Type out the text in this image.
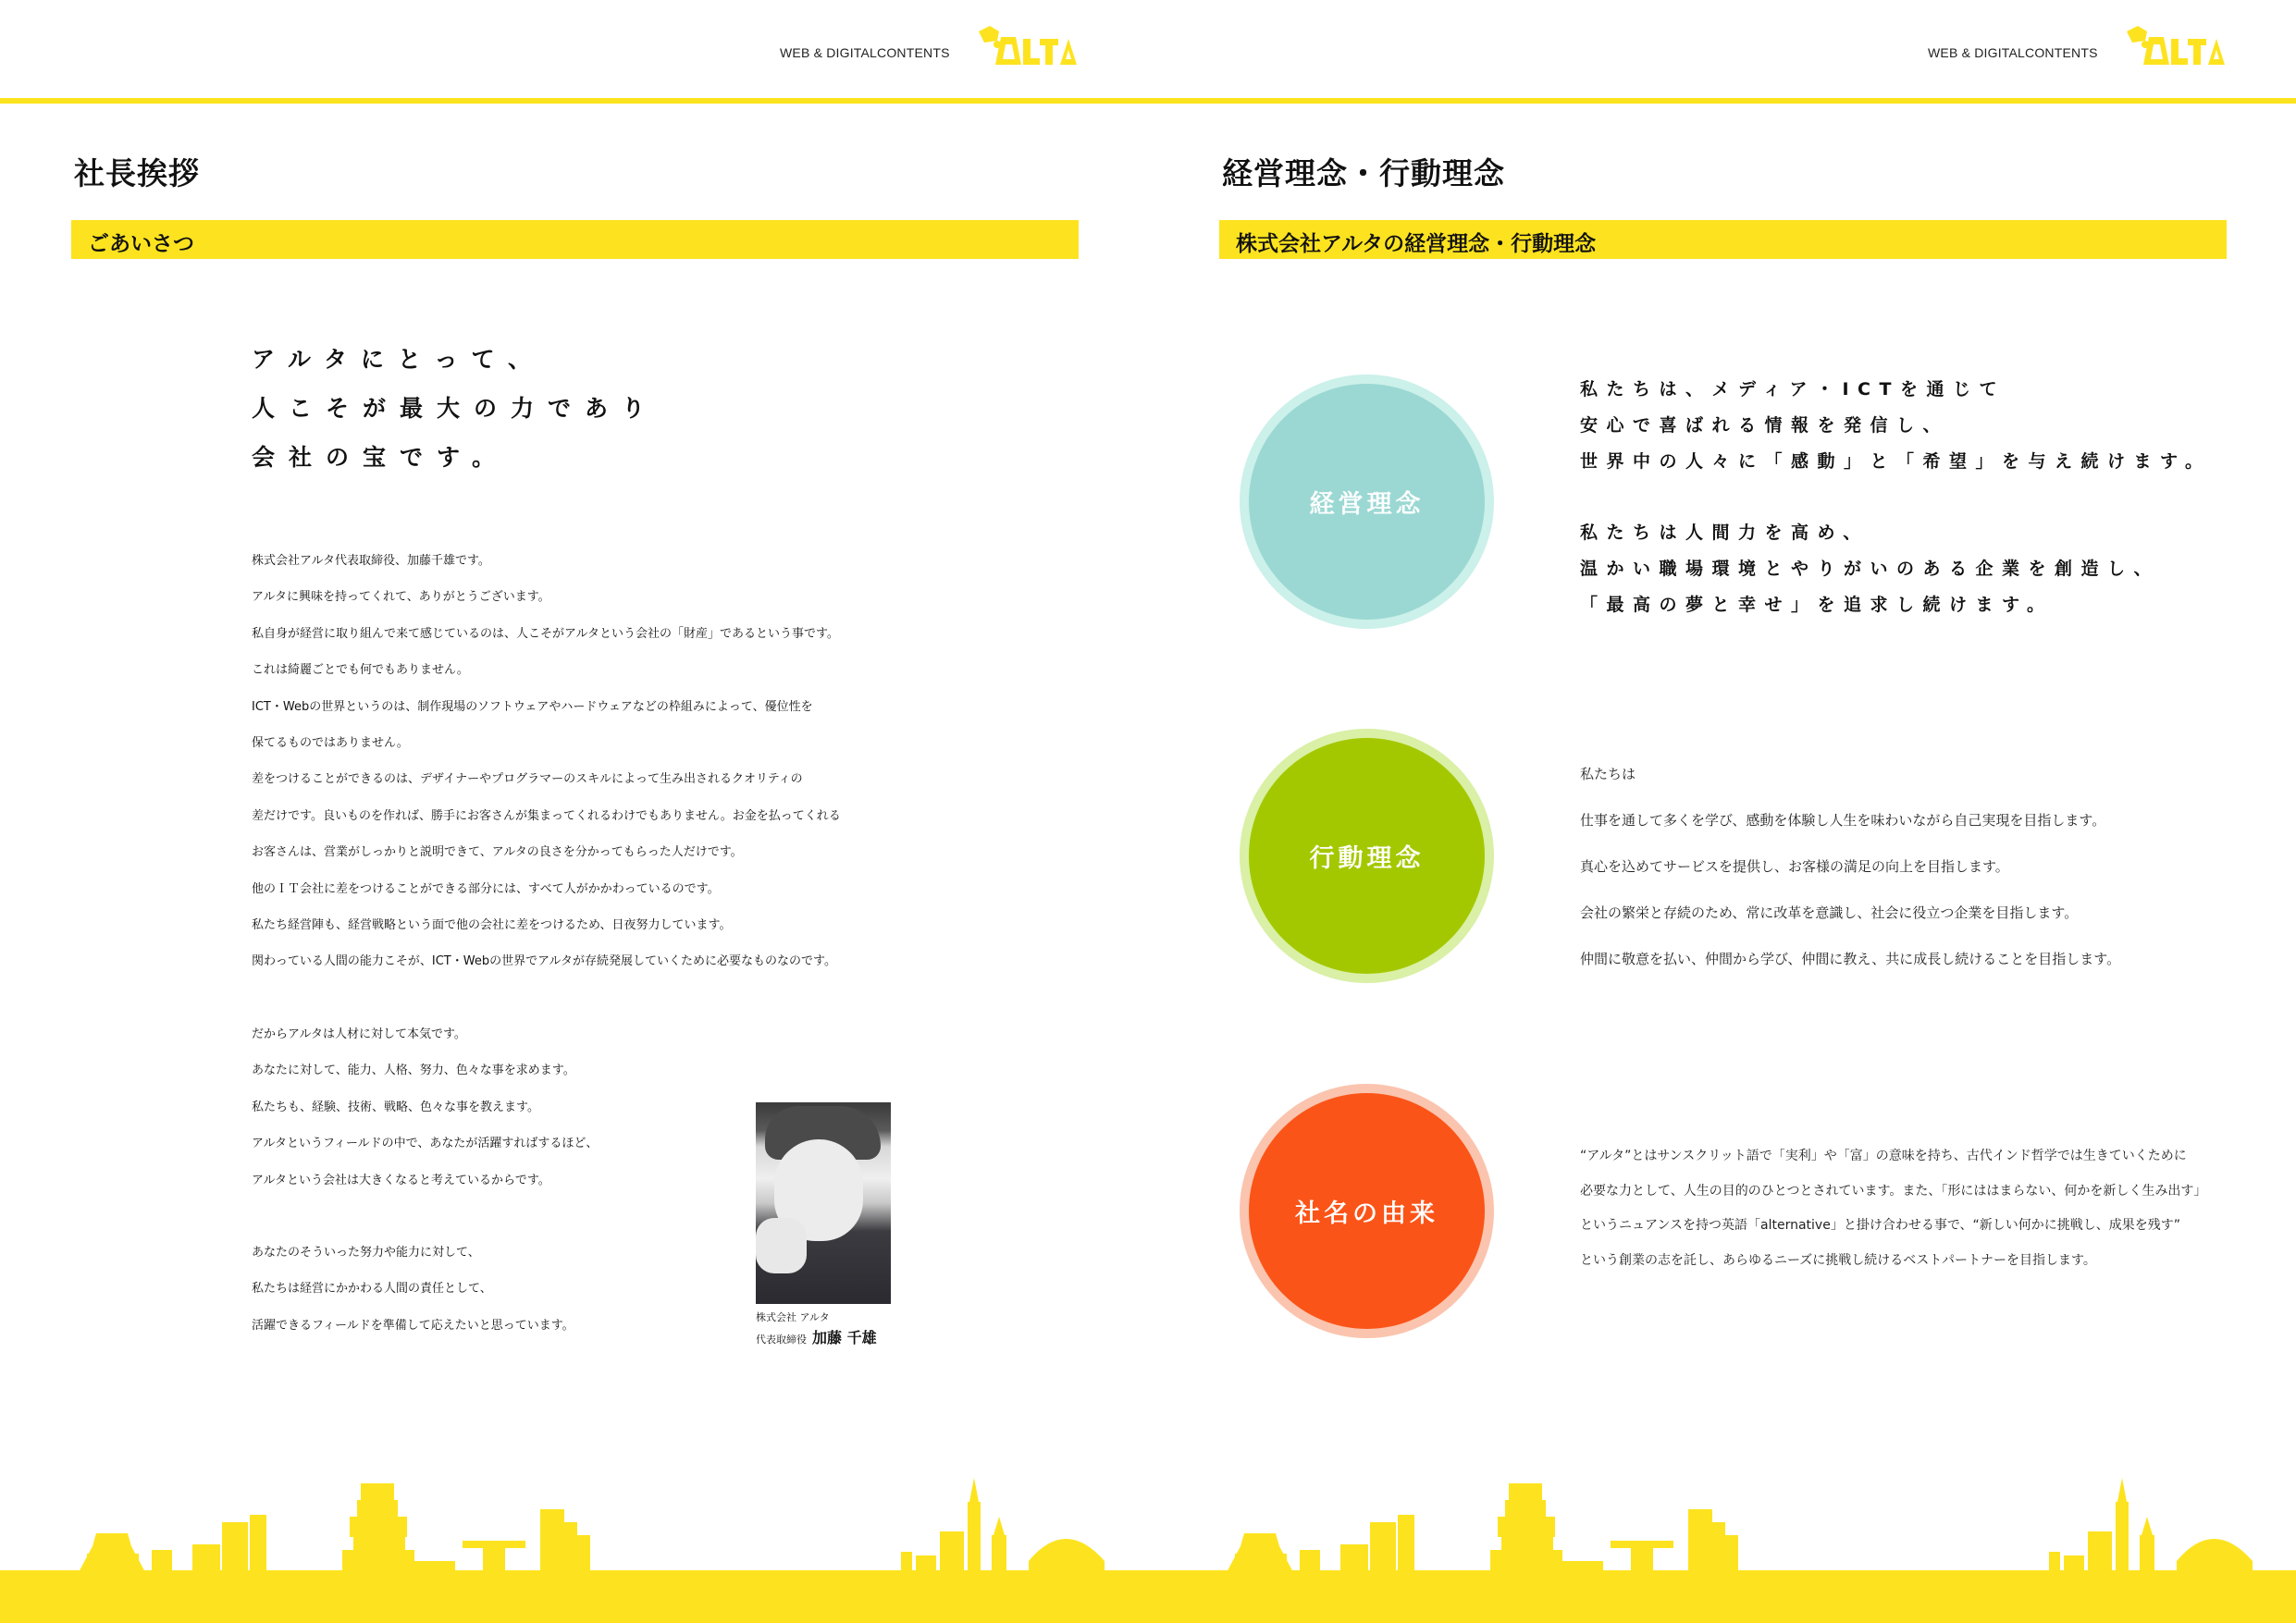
WEB & DIGITALCONTENTS
社長挨拶
ごあいさつ
アルタにとって、
人こそが最大の力であり
会社の宝です。
株式会社アルタ代表取締役、加藤千雄です。
アルタに興味を持ってくれて、ありがとうございます。
私自身が経営に取り組んで来て感じているのは、人こそがアルタという会社の「財産」であるという事です。
これは綺麗ごとでも何でもありません。
ICT・Webの世界というのは、制作現場のソフトウェアやハードウェアなどの枠組みによって、優位性を
保てるものではありません。
差をつけることができるのは、デザイナーやプログラマーのスキルによって生み出されるクオリティの
差だけです。良いものを作れば、勝手にお客さんが集まってくれるわけでもありません。お金を払ってくれる
お客さんは、営業がしっかりと説明できて、アルタの良さを分かってもらった人だけです。
他のＩＴ会社に差をつけることができる部分には、すべて人がかかわっているのです。
私たち経営陣も、経営戦略という面で他の会社に差をつけるため、日夜努力しています。
関わっている人間の能力こそが、ICT・Webの世界でアルタが存続発展していくために必要なものなのです。
だからアルタは人材に対して本気です。
あなたに対して、能力、人格、努力、色々な事を求めます。
私たちも、経験、技術、戦略、色々な事を教えます。
アルタというフィールドの中で、あなたが活躍すればするほど、
アルタという会社は大きくなると考えているからです。
あなたのそういった努力や能力に対して、
私たちは経営にかかわる人間の責任として、
活躍できるフィールドを準備して応えたいと思っています。
株式会社 アルタ
代表取締役 加藤 千雄
WEB & DIGITALCONTENTS
経営理念・行動理念
株式会社アルタの経営理念・行動理念
経営理念
私たちは、メディア・ICTを通じて
安心で喜ばれる情報を発信し、
世界中の人々に「感動」と「希望」を与え続けます。
私たちは人間力を高め、
温かい職場環境とやりがいのある企業を創造し、
「最高の夢と幸せ」を追求し続けます。
行動理念
私たちは
仕事を通して多くを学び、感動を体験し人生を味わいながら自己実現を目指します。
真心を込めてサービスを提供し、お客様の満足の向上を目指します。
会社の繁栄と存続のため、常に改革を意識し、社会に役立つ企業を目指します。
仲間に敬意を払い、仲間から学び、仲間に教え、共に成長し続けることを目指します。
社名の由来
“アルタ”とはサンスクリット語で「実利」や「富」の意味を持ち、古代インド哲学では生きていくために
必要な力として、人生の目的のひとつとされています。また、「形にははまらない、何かを新しく生み出す」
というニュアンスを持つ英語「alternative」と掛け合わせる事で、“新しい何かに挑戦し、成果を残す”
という創業の志を託し、あらゆるニーズに挑戦し続けるベストパートナーを目指します。
